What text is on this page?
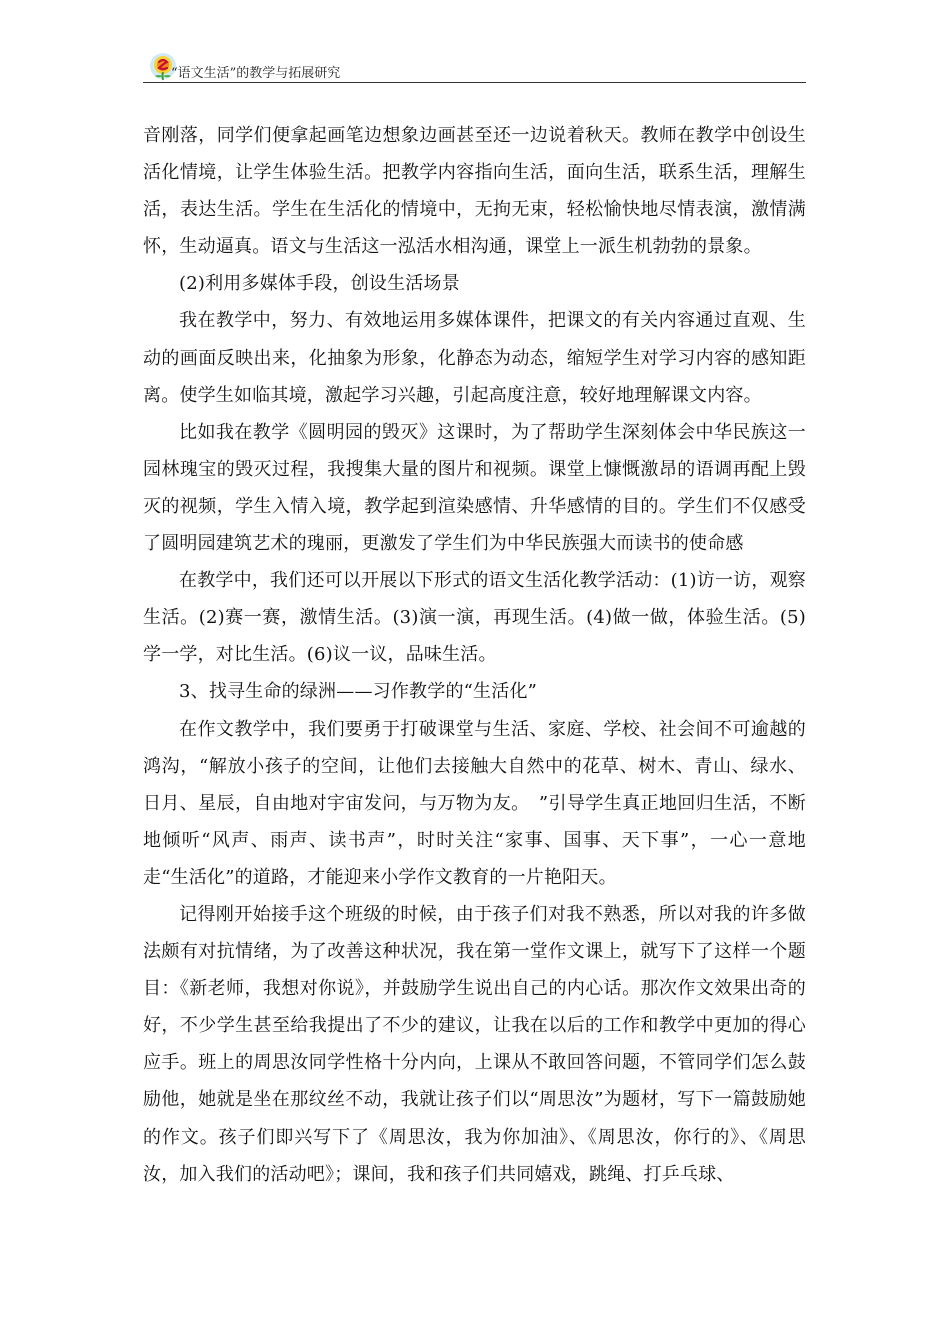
“语文生活”的教学与拓展研究

音刚落，同学们便拿起画笔边想象边画甚至还一边说着秋天。教师在教学中创设生活化情境，让学生体验生活。把教学内容指向生活，面向生活，联系生活，理解生活，表达生活。学生在生活化的情境中，无拘无束，轻松愉快地尽情表演，激情满怀，生动逼真。语文与生活这一泓活水相沟通，课堂上一派生机勃勃的景象。

(2)利用多媒体手段，创设生活场景

我在教学中，努力、有效地运用多媒体课件，把课文的有关内容通过直观、生动的画面反映出来，化抽象为形象，化静态为动态，缩短学生对学习内容的感知距离。使学生如临其境，激起学习兴趣，引起高度注意，较好地理解课文内容。

比如我在教学《圆明园的毁灭》这课时，为了帮助学生深刻体会中华民族这一园林瑰宝的毁灭过程，我搜集大量的图片和视频。课堂上慷慨激昂的语调再配上毁灭的视频，学生入情入境，教学起到渲染感情、升华感情的目的。学生们不仅感受了圆明园建筑艺术的瑰丽，更激发了学生们为中华民族强大而读书的使命感

在教学中，我们还可以开展以下形式的语文生活化教学活动：(1)访一访，观察生活。(2)赛一赛，激情生活。(3)演一演，再现生活。(4)做一做，体验生活。(5)学一学，对比生活。(6)议一议，品味生活。

3、找寻生命的绿洲——习作教学的“生活化”

在作文教学中，我们要勇于打破课堂与生活、家庭、学校、社会间不可逾越的鸿沟，“解放小孩子的空间，让他们去接触大自然中的花草、树木、青山、绿水、日月、星辰，自由地对宇宙发问，与万物为友。　”引导学生真正地回归生活，不断地倾听“风声、雨声、读书声”，时时关注“家事、国事、天下事”，一心一意地走“生活化”的道路，才能迎来小学作文教育的一片艳阳天。

记得刚开始接手这个班级的时候，由于孩子们对我不熟悉，所以对我的许多做法颇有对抗情绪，为了改善这种状况，我在第一堂作文课上，就写下了这样一个题目：《新老师，我想对你说》，并鼓励学生说出自己的内心话。那次作文效果出奇的好，不少学生甚至给我提出了不少的建议，让我在以后的工作和教学中更加的得心应手。班上的周思汝同学性格十分内向，上课从不敢回答问题，不管同学们怎么鼓励他，她就是坐在那纹丝不动，我就让孩子们以“周思汝”为题材，写下一篇鼓励她的作文。孩子们即兴写下了《周思汝，我为你加油》、《周思汝，你行的》、《周思汝，加入我们的活动吧》；课间，我和孩子们共同嬉戏，跳绳、打乒乓球、
